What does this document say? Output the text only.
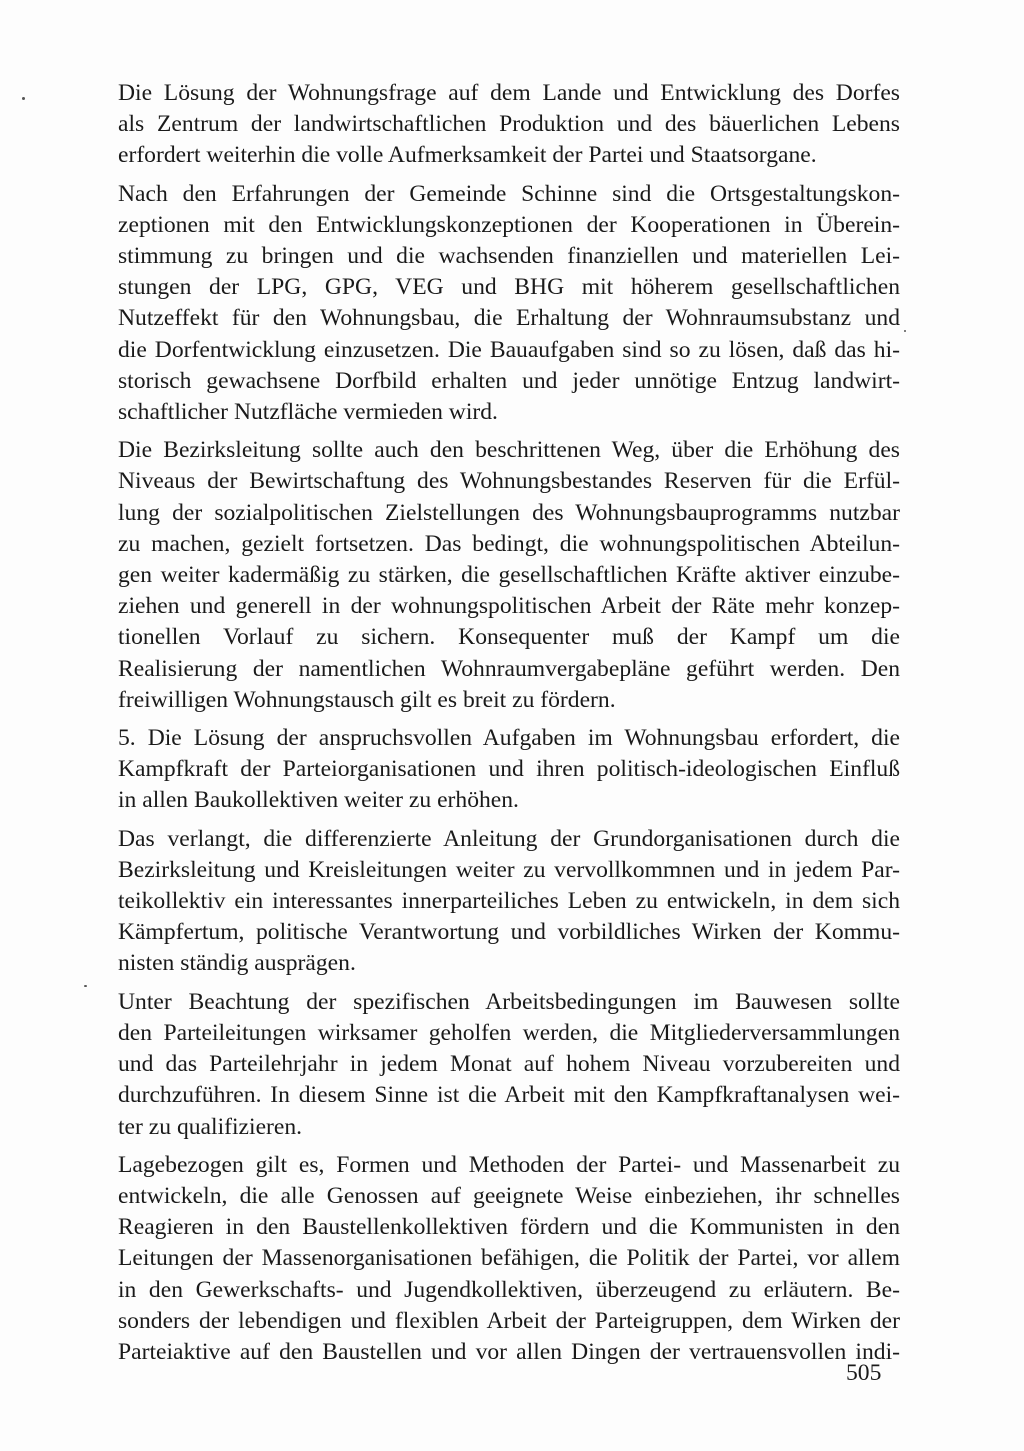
Die Lösung der Wohnungsfrage auf dem Lande und Entwicklung des Dorfes
als Zentrum der landwirtschaftlichen Produktion und des bäuerlichen Lebens
erfordert weiterhin die volle Aufmerksamkeit der Partei und Staatsorgane.
Nach den Erfahrungen der Gemeinde Schinne sind die Ortsgestaltungskon-
zeptionen mit den Entwicklungskonzeptionen der Kooperationen in Überein-
stimmung zu bringen und die wachsenden finanziellen und materiellen Lei-
stungen der LPG, GPG, VEG und BHG mit höherem gesellschaftlichen
Nutzeffekt für den Wohnungsbau, die Erhaltung der Wohnraumsubstanz und
die Dorfentwicklung einzusetzen. Die Bauaufgaben sind so zu lösen, daß das hi-
storisch gewachsene Dorfbild erhalten und jeder unnötige Entzug landwirt-
schaftlicher Nutzfläche vermieden wird.
Die Bezirksleitung sollte auch den beschrittenen Weg, über die Erhöhung des
Niveaus der Bewirtschaftung des Wohnungsbestandes Reserven für die Erfül-
lung der sozialpolitischen Zielstellungen des Wohnungsbauprogramms nutzbar
zu machen, gezielt fortsetzen. Das bedingt, die wohnungspolitischen Abteilun-
gen weiter kadermäßig zu stärken, die gesellschaftlichen Kräfte aktiver einzube-
ziehen und generell in der wohnungspolitischen Arbeit der Räte mehr konzep-
tionellen Vorlauf zu sichern. Konsequenter muß der Kampf um die
Realisierung der namentlichen Wohnraumvergabepläne geführt werden. Den
freiwilligen Wohnungstausch gilt es breit zu fördern.
5. Die Lösung der anspruchsvollen Aufgaben im Wohnungsbau erfordert, die
Kampfkraft der Parteiorganisationen und ihren politisch-ideologischen Einfluß
in allen Baukollektiven weiter zu erhöhen.
Das verlangt, die differenzierte Anleitung der Grundorganisationen durch die
Bezirksleitung und Kreisleitungen weiter zu vervollkommnen und in jedem Par-
teikollektiv ein interessantes innerparteiliches Leben zu entwickeln, in dem sich
Kämpfertum, politische Verantwortung und vorbildliches Wirken der Kommu-
nisten ständig ausprägen.
Unter Beachtung der spezifischen Arbeitsbedingungen im Bauwesen sollte
den Parteileitungen wirksamer geholfen werden, die Mitgliederversammlungen
und das Parteilehrjahr in jedem Monat auf hohem Niveau vorzubereiten und
durchzuführen. In diesem Sinne ist die Arbeit mit den Kampfkraftanalysen wei-
ter zu qualifizieren.
Lagebezogen gilt es, Formen und Methoden der Partei- und Massenarbeit zu
entwickeln, die alle Genossen auf geeignete Weise einbeziehen, ihr schnelles
Reagieren in den Baustellenkollektiven fördern und die Kommunisten in den
Leitungen der Massenorganisationen befähigen, die Politik der Partei, vor allem
in den Gewerkschafts- und Jugendkollektiven, überzeugend zu erläutern. Be-
sonders der lebendigen und flexiblen Arbeit der Parteigruppen, dem Wirken der
Parteiaktive auf den Baustellen und vor allen Dingen der vertrauensvollen indi-
505
